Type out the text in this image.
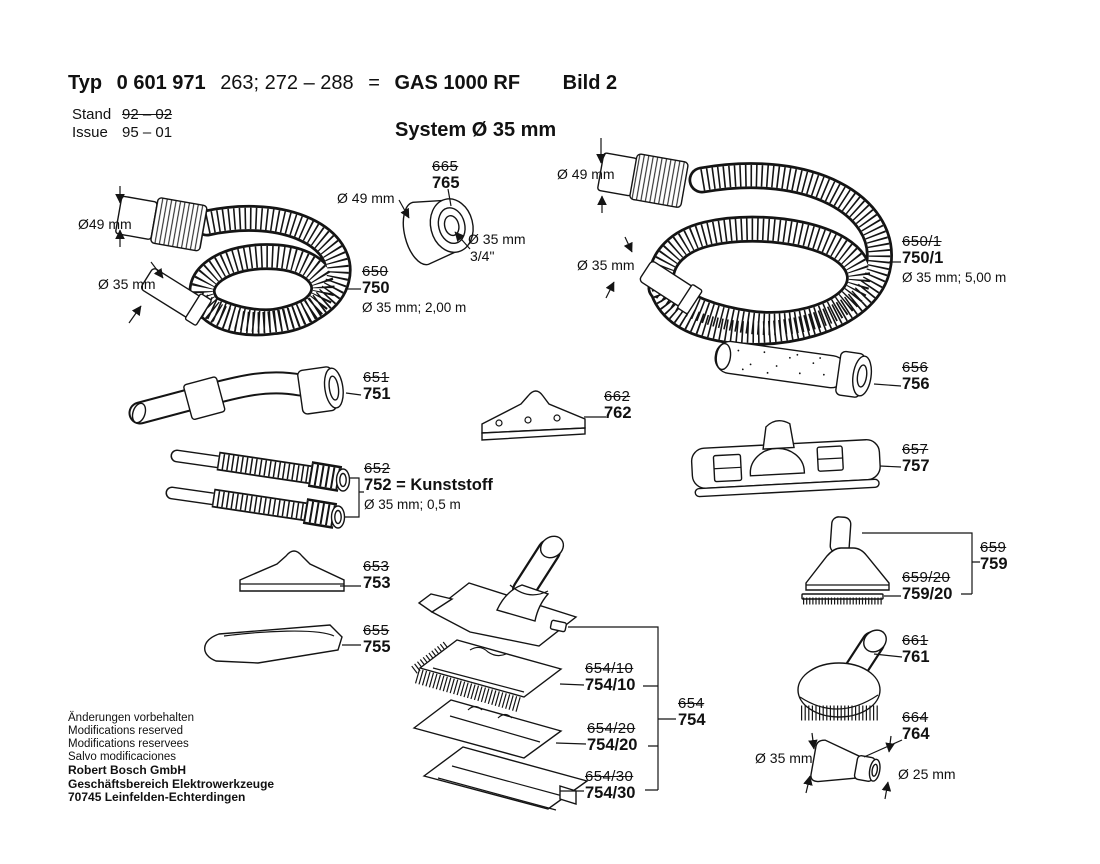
Typ 0 601 971 263; 272 – 288 = GAS 1000 RF Bild 2
Stand 92 – 02
Issue 95 – 01	System Ø 35 mm
Ø49 mm
Ø 35 mm
Ø 49 mm
Ø 35 mm
3/4"
Ø 49 mm
Ø 35 mm
Ø 35 mm
Ø 25 mm
665
765
650
750
Ø 35 mm; 2,00 m
650/1
750/1
Ø 35 mm; 5,00 m
651
751	662
762
656
756
657
757
652
752 = Kunststoff
Ø 35 mm; 0,5 m
653
753
655
755
654/10
754/10
654/20
754/20
654/30
754/30
654
754
659
759
659/20
759/20
661
761
664
764
Änderungen vorbehalten
Modifications reserved
Modifications reservees
Salvo modificaciones
Robert Bosch GmbH
Geschäftsbereich Elektrowerkzeuge
70745 Leinfelden-Echterdingen
